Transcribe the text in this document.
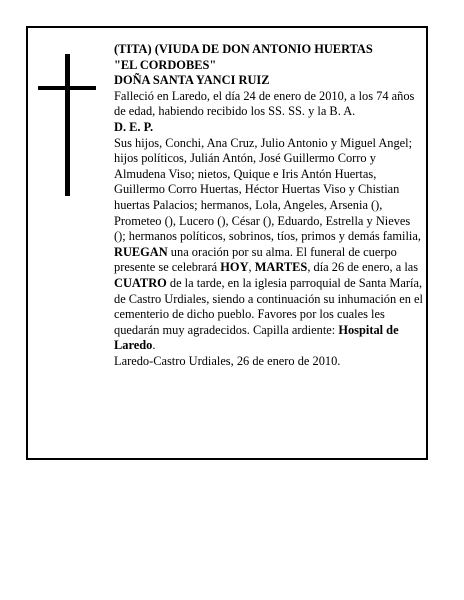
(TITA) (VIUDA DE DON ANTONIO HUERTAS

"EL CORDOBES"

DOÑA SANTA YANCI RUIZ

Falleció en Laredo, el día 24 de enero de 2010, a los 74 años de edad, habiendo recibido los SS. SS. y la B. A.

D. E. P.

Sus hijos, Conchi, Ana Cruz, Julio Antonio y Miguel Angel; hijos políticos, Julián Antón, José Guillermo Corro y Almudena Viso; nietos, Quique e Iris Antón Huertas, Guillermo Corro Huertas, Héctor Huertas Viso y Chistian huertas Palacios; hermanos, Lola, Angeles, Arsenia (), Prometeo (), Lucero (), César (), Eduardo, Estrella y Nieves (); hermanos políticos, sobrinos, tíos, primos y demás familia,

RUEGAN una oración por su alma. El funeral de cuerpo presente se celebrará HOY, MARTES, día 26 de enero, a las CUATRO de la tarde, en la iglesia parroquial de Santa María, de Castro Urdiales, siendo a continuación su inhumación en el cementerio de dicho pueblo. Favores por los cuales les quedarán muy agradecidos. Capilla ardiente: Hospital de Laredo.

Laredo-Castro Urdiales, 26 de enero de 2010.
